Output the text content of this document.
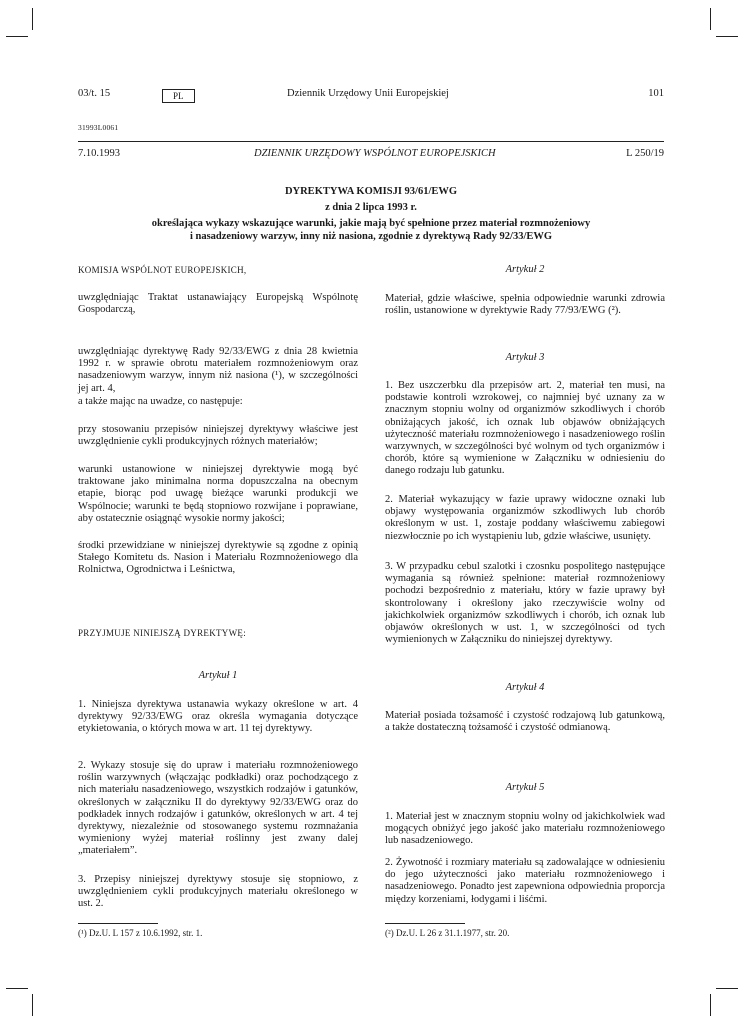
03/t. 15	PL	Dziennik Urzędowy Unii Europejskiej	101
31993L0061
7.10.1993	DZIENNIK URZĘDOWY WSPÓLNOT EUROPEJSKICH	L 250/19
DYREKTYWA KOMISJI 93/61/EWG
z dnia 2 lipca 1993 r.
określająca wykazy wskazujące warunki, jakie mają być spełnione przez materiał rozmnożeniowy
i nasadzeniowy warzyw, inny niż nasiona, zgodnie z dyrektywą Rady 92/33/EWG
KOMISJA WSPÓLNOT EUROPEJSKICH,
uwzględniając Traktat ustanawiający Europejską Wspólnotę Gospodarczą,
uwzględniając dyrektywę Rady 92/33/EWG z dnia 28 kwietnia 1992 r. w sprawie obrotu materiałem rozmnożeniowym oraz nasadzeniowym warzyw, innym niż nasiona (¹), w szczególności jej art. 4,
a także mając na uwadze, co następuje:
przy stosowaniu przepisów niniejszej dyrektywy właściwe jest uwzględnienie cykli produkcyjnych różnych materiałów;
warunki ustanowione w niniejszej dyrektywie mogą być traktowane jako minimalna norma dopuszczalna na obecnym etapie, biorąc pod uwagę bieżące warunki produkcji we Wspólnocie; warunki te będą stopniowo rozwijane i poprawiane, aby ostatecznie osiągnąć wysokie normy jakości;
środki przewidziane w niniejszej dyrektywie są zgodne z opinią Stałego Komitetu ds. Nasion i Materiału Rozmnożeniowego dla Rolnictwa, Ogrodnictwa i Leśnictwa,
PRZYJMUJE NINIEJSZĄ DYREKTYWĘ:
Artykuł 1
1. Niniejsza dyrektywa ustanawia wykazy określone w art. 4 dyrektywy 92/33/EWG oraz określa wymagania dotyczące etykietowania, o których mowa w art. 11 tej dyrektywy.
2. Wykazy stosuje się do upraw i materiału rozmnożeniowego roślin warzywnych (włączając podkładki) oraz pochodzącego z nich materiału nasadzeniowego, wszystkich rodzajów i gatunków, określonych w załączniku II do dyrektywy 92/33/EWG oraz do podkładek innych rodzajów i gatunków, określonych w art. 4 tej dyrektywy, niezależnie od stosowanego systemu rozmnażania wymieniony wyżej materiał roślinny jest zwany dalej „materiałem”.
3. Przepisy niniejszej dyrektywy stosuje się stopniowo, z uwzględnieniem cykli produkcyjnych materiału określonego w ust. 2.
(¹) Dz.U. L 157 z 10.6.1992, str. 1.
Artykuł 2
Materiał, gdzie właściwe, spełnia odpowiednie warunki zdrowia roślin, ustanowione w dyrektywie Rady 77/93/EWG (²).
Artykuł 3
1. Bez uszczerbku dla przepisów art. 2, materiał ten musi, na podstawie kontroli wzrokowej, co najmniej być uznany za w znacznym stopniu wolny od organizmów szkodliwych i chorób obniżających jakość, ich oznak lub objawów obniżających użyteczność materiału rozmnożeniowego i nasadzeniowego roślin warzywnych, w szczególności być wolnym od tych organizmów i chorób, które są wymienione w Załączniku w odniesieniu do danego rodzaju lub gatunku.
2. Materiał wykazujący w fazie uprawy widoczne oznaki lub objawy występowania organizmów szkodliwych lub chorób określonym w ust. 1, zostaje poddany właściwemu zabiegowi niezwłocznie po ich wystąpieniu lub, gdzie właściwe, usunięty.
3. W przypadku cebul szalotki i czosnku pospolitego następujące wymagania są również spełnione: materiał rozmnożeniowy pochodzi bezpośrednio z materiału, który w fazie uprawy był skontrolowany i określony jako rzeczywiście wolny od jakichkolwiek organizmów szkodliwych i chorób, ich oznak lub objawów określonych w ust. 1, w szczególności od tych wymienionych w Załączniku do niniejszej dyrektywy.
Artykuł 4
Materiał posiada tożsamość i czystość rodzajową lub gatunkową, a także dostateczną tożsamość i czystość odmianową.
Artykuł 5
1. Materiał jest w znacznym stopniu wolny od jakichkolwiek wad mogących obniżyć jego jakość jako materiału rozmnożeniowego lub nasadzeniowego.
2. Żywotność i rozmiary materiału są zadowalające w odniesieniu do jego użyteczności jako materiału rozmnożeniowego i nasadzeniowego. Ponadto jest zapewniona odpowiednia proporcja między korzeniami, łodygami i liśćmi.
(²) Dz.U. L 26 z 31.1.1977, str. 20.
